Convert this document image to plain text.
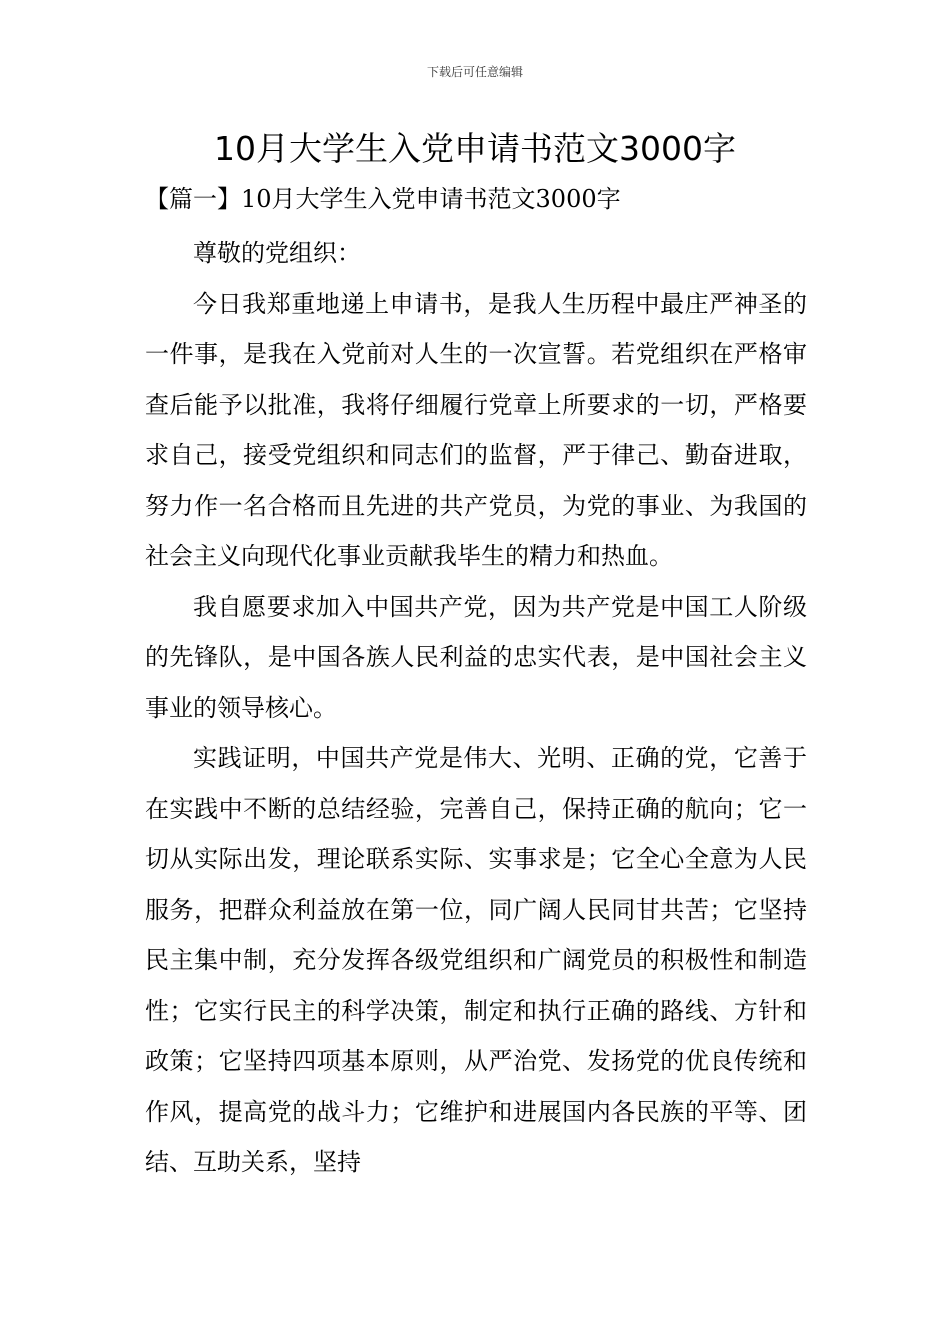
下载后可任意编辑
10月大学生入党申请书范文3000字
【篇一】10月大学生入党申请书范文3000字

尊敬的党组织：

今日我郑重地递上申请书，是我人生历程中最庄严神圣的一件事，是我在入党前对人生的一次宣誓。若党组织在严格审查后能予以批准，我将仔细履行党章上所要求的一切，严格要求自己，接受党组织和同志们的监督，严于律己、勤奋进取，努力作一名合格而且先进的共产党员，为党的事业、为我国的社会主义向现代化事业贡献我毕生的精力和热血。

我自愿要求加入中国共产党，因为共产党是中国工人阶级的先锋队，是中国各族人民利益的忠实代表，是中国社会主义事业的领导核心。

实践证明，中国共产党是伟大、光明、正确的党，它善于在实践中不断的总结经验，完善自己，保持正确的航向；它一切从实际出发，理论联系实际、实事求是；它全心全意为人民服务，把群众利益放在第一位，同广阔人民同甘共苦；它坚持民主集中制，充分发挥各级党组织和广阔党员的积极性和制造性；它实行民主的科学决策，制定和执行正确的路线、方针和政策；它坚持四项基本原则，从严治党、发扬党的优良传统和作风，提高党的战斗力；它维护和进展国内各民族的平等、团结、互助关系，坚持
